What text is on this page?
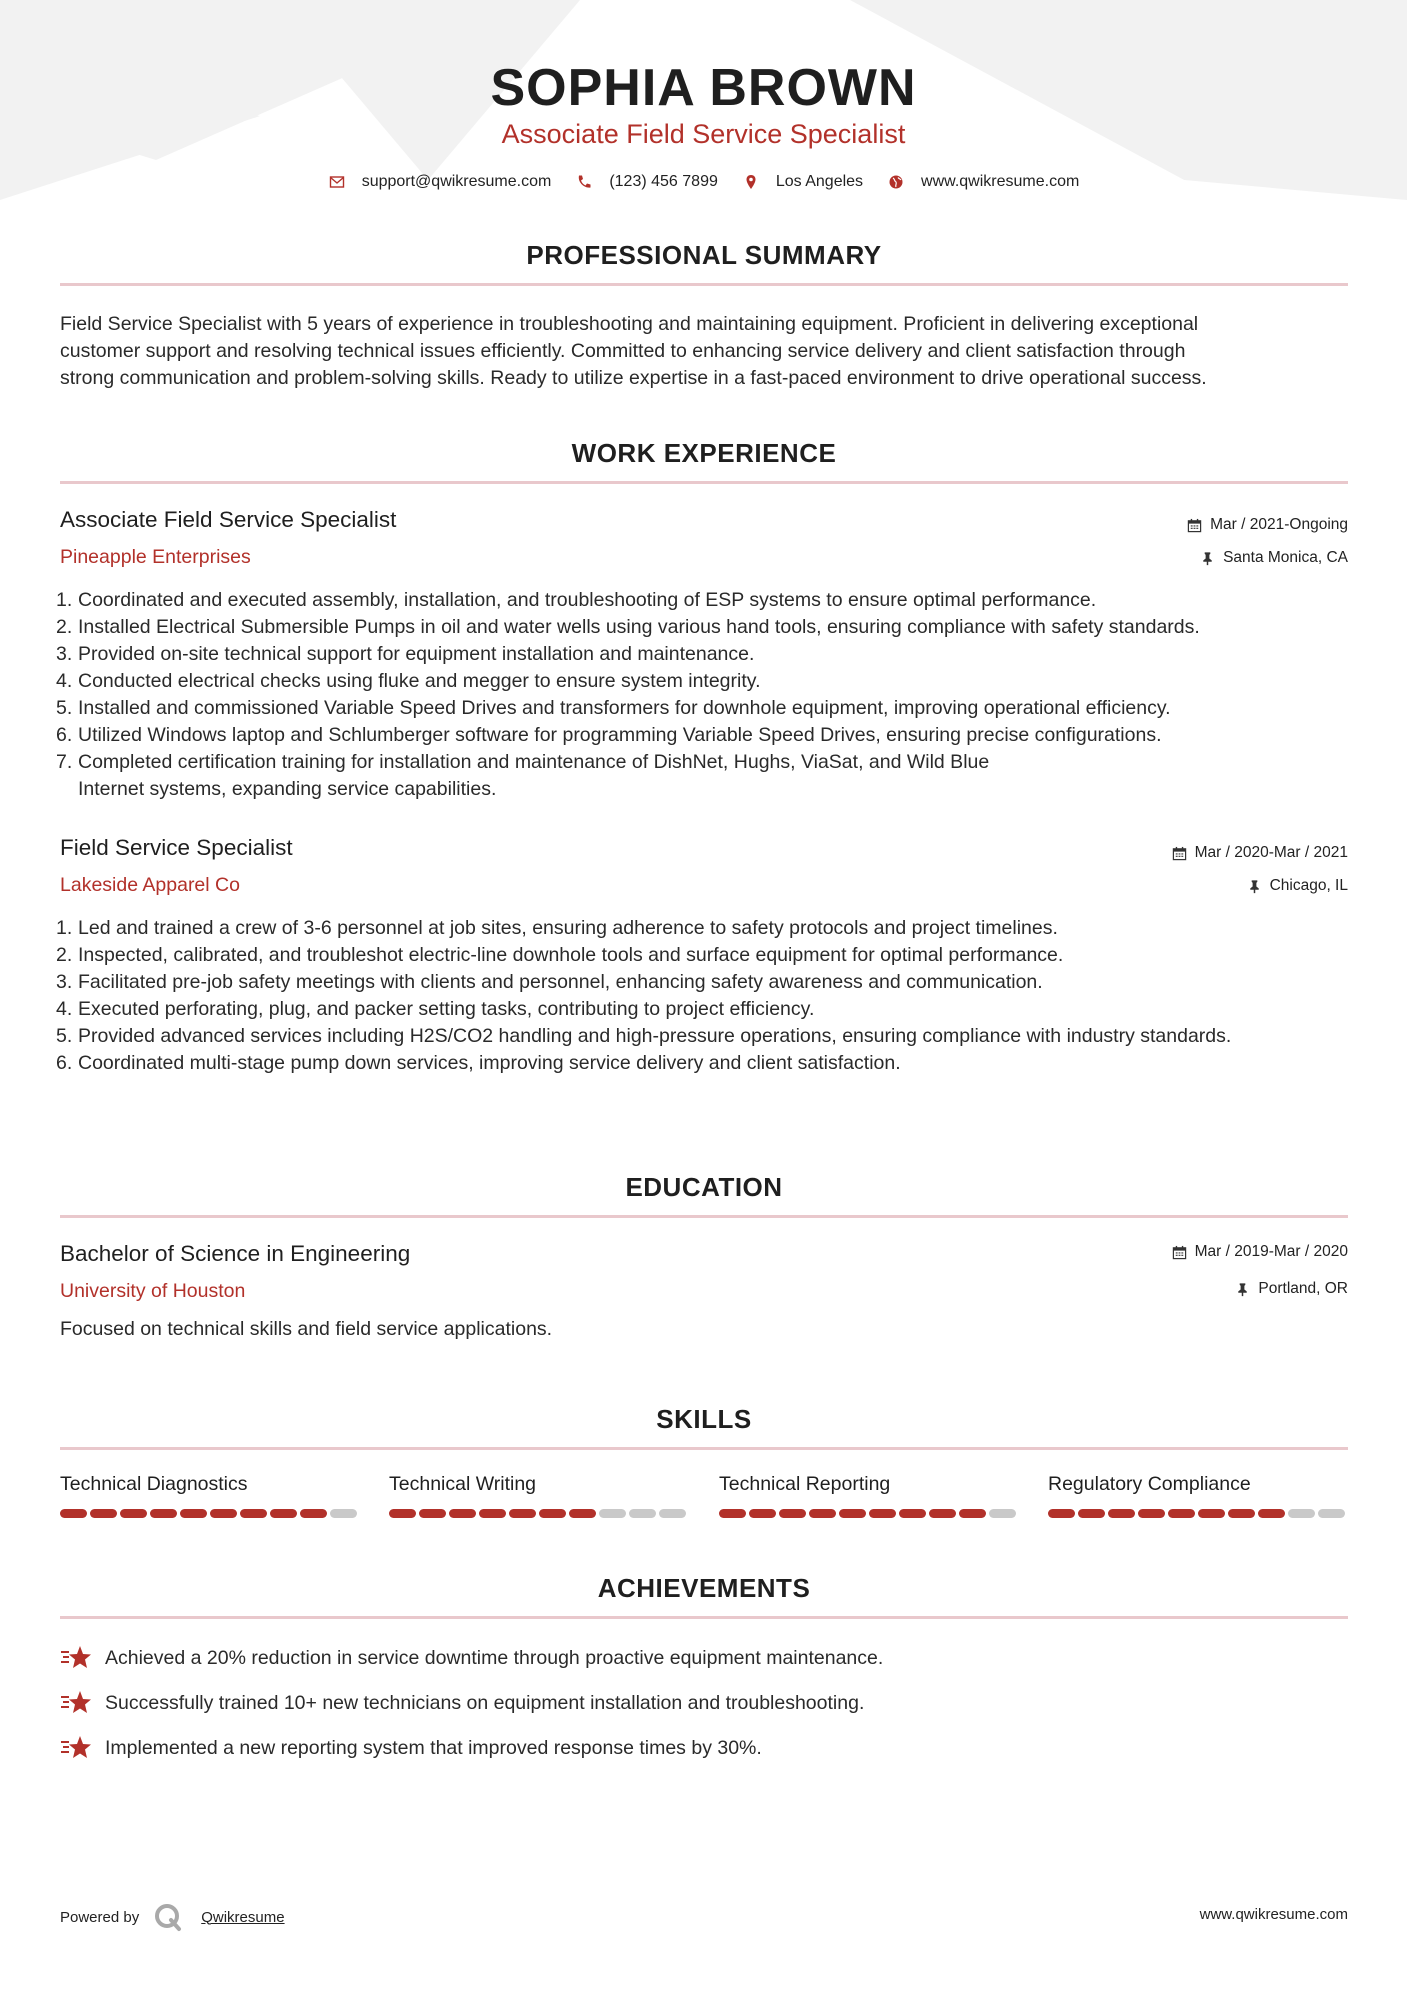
SOPHIA BROWN
Associate Field Service Specialist
support@qwikresume.com	(123) 456 7899	Los Angeles	www.qwikresume.com
PROFESSIONAL SUMMARY
Field Service Specialist with 5 years of experience in troubleshooting and maintaining equipment. Proficient in delivering exceptional
customer support and resolving technical issues efficiently. Committed to enhancing service delivery and client satisfaction through
strong communication and problem-solving skills. Ready to utilize expertise in a fast-paced environment to drive operational success.
WORK EXPERIENCE
Associate Field Service Specialist	Mar / 2021-Ongoing
Pineapple Enterprises	Santa Monica, CA
1. Coordinated and executed assembly, installation, and troubleshooting of ESP systems to ensure optimal performance.
2. Installed Electrical Submersible Pumps in oil and water wells using various hand tools, ensuring compliance with safety standards.
3. Provided on-site technical support for equipment installation and maintenance.
4. Conducted electrical checks using fluke and megger to ensure system integrity.
5. Installed and commissioned Variable Speed Drives and transformers for downhole equipment, improving operational efficiency.
6. Utilized Windows laptop and Schlumberger software for programming Variable Speed Drives, ensuring precise configurations.
7. Completed certification training for installation and maintenance of DishNet, Hughs, ViaSat, and Wild Blue Internet systems, expanding service capabilities.
Field Service Specialist	Mar / 2020-Mar / 2021
Lakeside Apparel Co	Chicago, IL
1. Led and trained a crew of 3-6 personnel at job sites, ensuring adherence to safety protocols and project timelines.
2. Inspected, calibrated, and troubleshot electric-line downhole tools and surface equipment for optimal performance.
3. Facilitated pre-job safety meetings with clients and personnel, enhancing safety awareness and communication.
4. Executed perforating, plug, and packer setting tasks, contributing to project efficiency.
5. Provided advanced services including H2S/CO2 handling and high-pressure operations, ensuring compliance with industry standards.
6. Coordinated multi-stage pump down services, improving service delivery and client satisfaction.
EDUCATION
Bachelor of Science in Engineering	Mar / 2019-Mar / 2020
University of Houston	Portland, OR
Focused on technical skills and field service applications.
SKILLS
Technical Diagnostics	Technical Writing	Technical Reporting	Regulatory Compliance
ACHIEVEMENTS
Achieved a 20% reduction in service downtime through proactive equipment maintenance.
Successfully trained 10+ new technicians on equipment installation and troubleshooting.
Implemented a new reporting system that improved response times by 30%.
Powered by	Qwikresume	www.qwikresume.com
